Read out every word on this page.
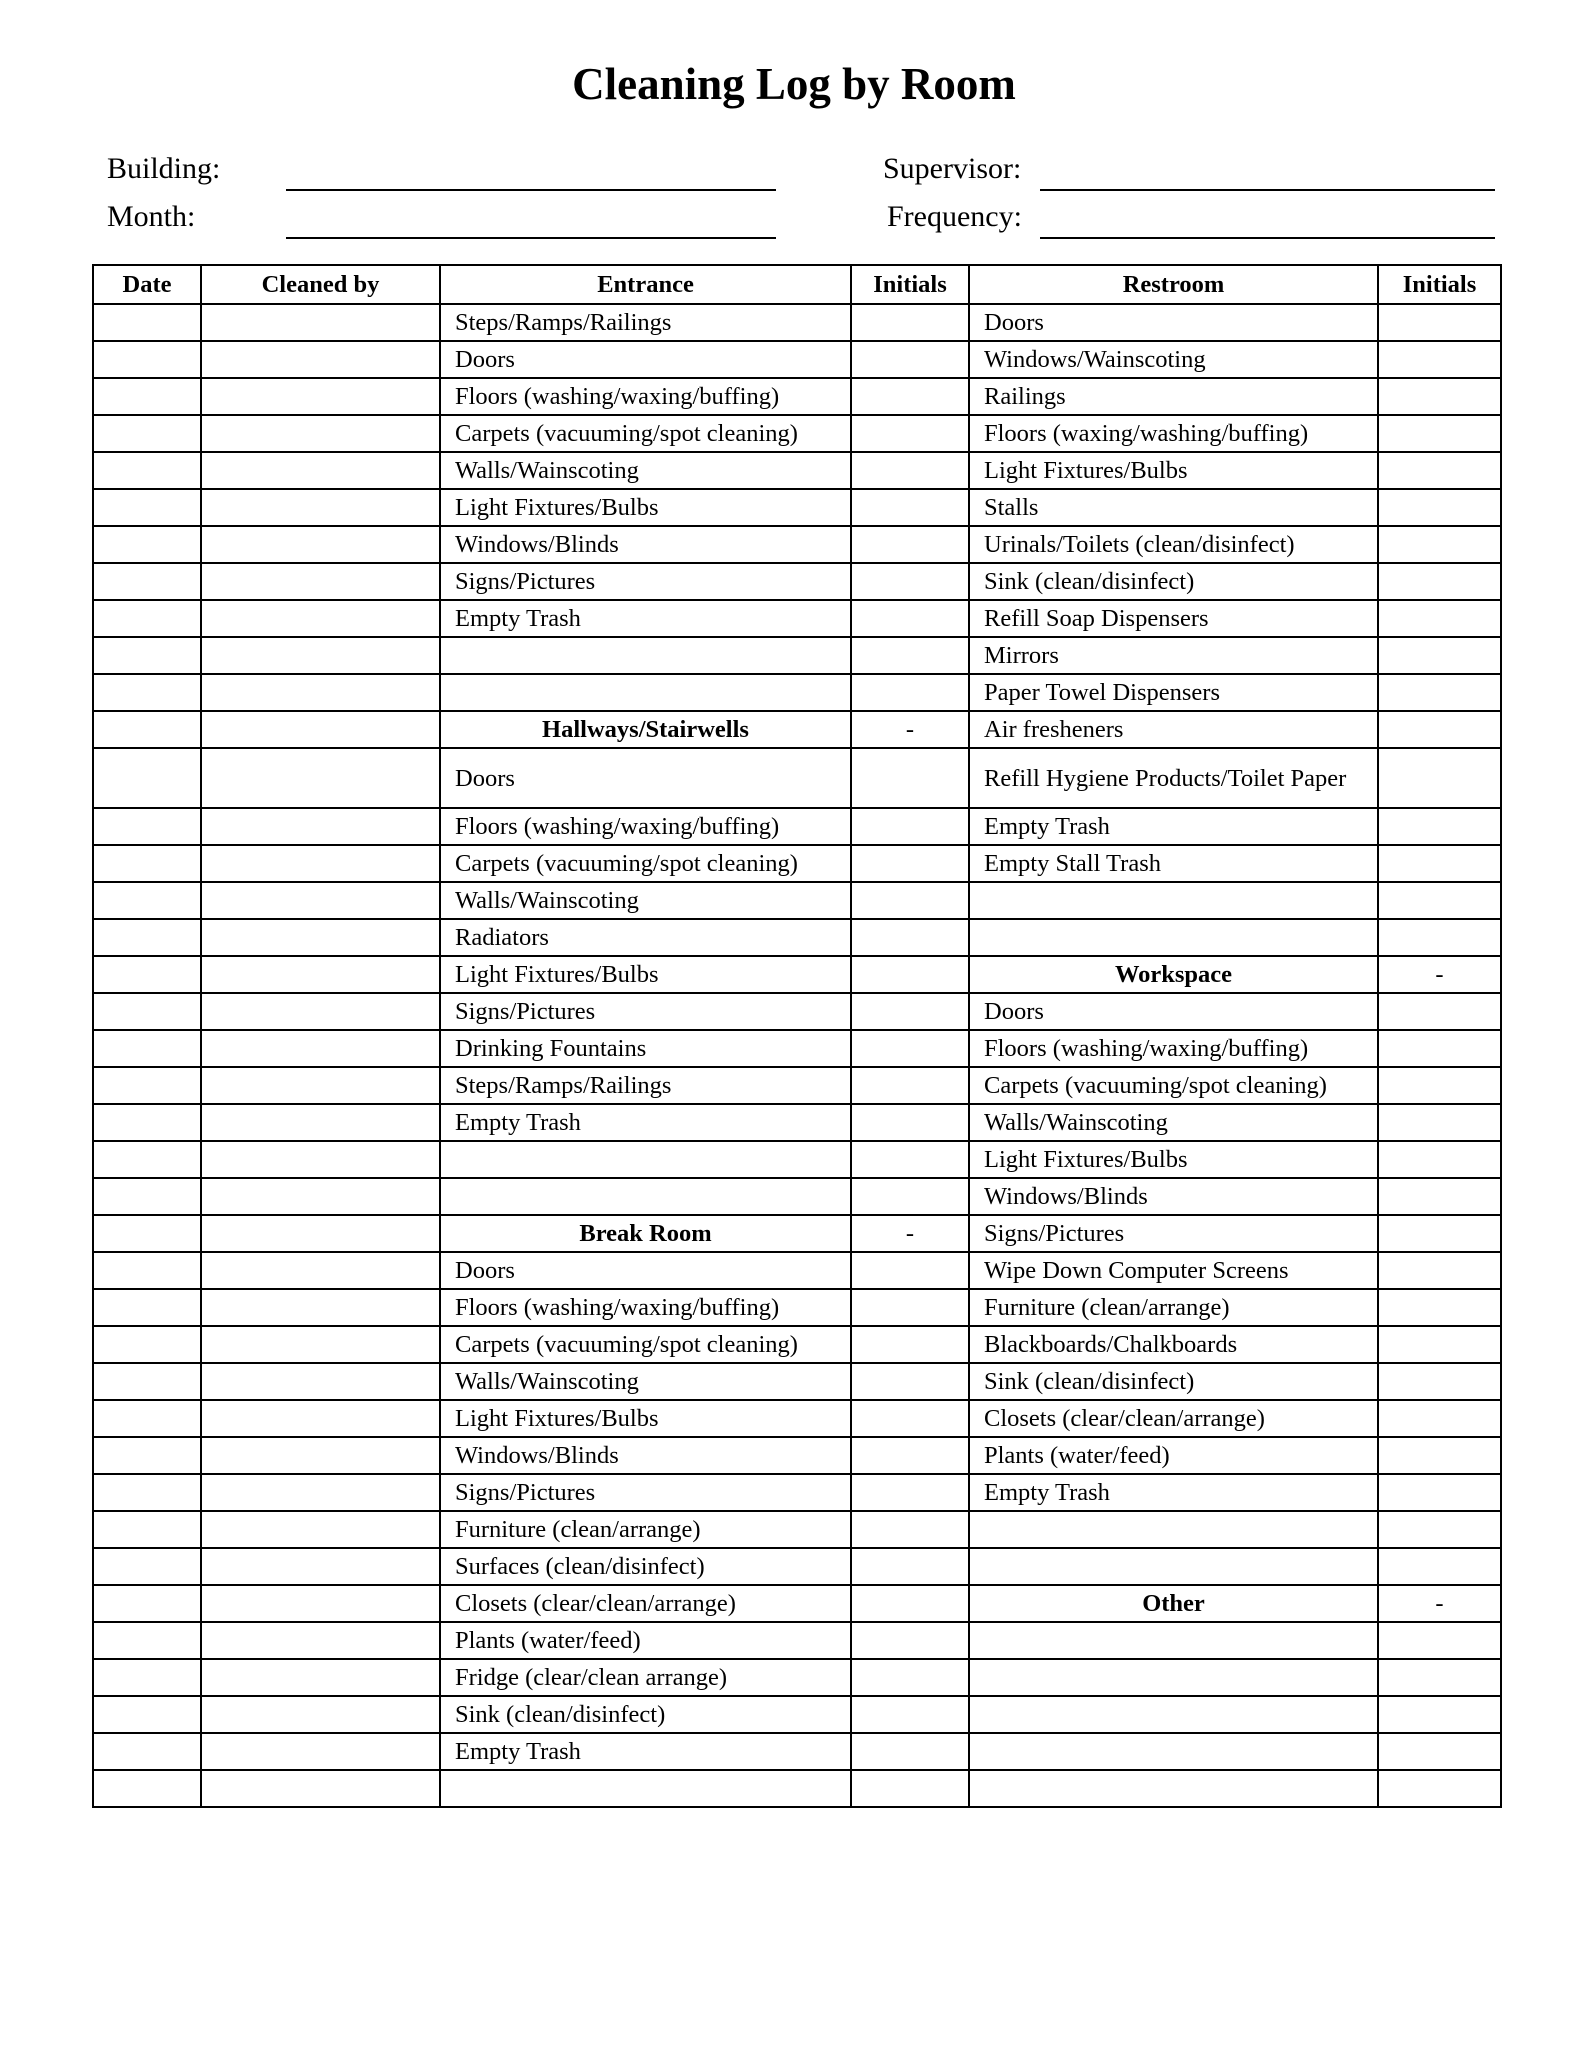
Cleaning Log by Room
Building:
Month:
Supervisor:
Frequency:
Date	Cleaned by	Entrance	Initials	Restroom	Initials
		Steps/Ramps/Railings		Doors	
		Doors		Windows/Wainscoting	
		Floors (washing/waxing/buffing)		Railings	
		Carpets (vacuuming/spot cleaning)		Floors (waxing/washing/buffing)	
		Walls/Wainscoting		Light Fixtures/Bulbs	
		Light Fixtures/Bulbs		Stalls	
		Windows/Blinds		Urinals/Toilets (clean/disinfect)	
		Signs/Pictures		Sink (clean/disinfect)	
		Empty Trash		Refill Soap Dispensers	
				Mirrors	
				Paper Towel Dispensers	
		Hallways/Stairwells	-	Air fresheners	
		Doors		Refill Hygiene Products/Toilet Paper	
		Floors (washing/waxing/buffing)		Empty Trash	
		Carpets (vacuuming/spot cleaning)		Empty Stall Trash	
		Walls/Wainscoting			
		Radiators			
		Light Fixtures/Bulbs		Workspace	-
		Signs/Pictures		Doors	
		Drinking Fountains		Floors (washing/waxing/buffing)	
		Steps/Ramps/Railings		Carpets (vacuuming/spot cleaning)	
		Empty Trash		Walls/Wainscoting	
				Light Fixtures/Bulbs	
				Windows/Blinds	
		Break Room	-	Signs/Pictures	
		Doors		Wipe Down Computer Screens	
		Floors (washing/waxing/buffing)		Furniture (clean/arrange)	
		Carpets (vacuuming/spot cleaning)		Blackboards/Chalkboards	
		Walls/Wainscoting		Sink (clean/disinfect)	
		Light Fixtures/Bulbs		Closets (clear/clean/arrange)	
		Windows/Blinds		Plants (water/feed)	
		Signs/Pictures		Empty Trash	
		Furniture (clean/arrange)			
		Surfaces (clean/disinfect)			
		Closets (clear/clean/arrange)		Other	-
		Plants (water/feed)			
		Fridge (clear/clean arrange)			
		Sink (clean/disinfect)			
		Empty Trash			
